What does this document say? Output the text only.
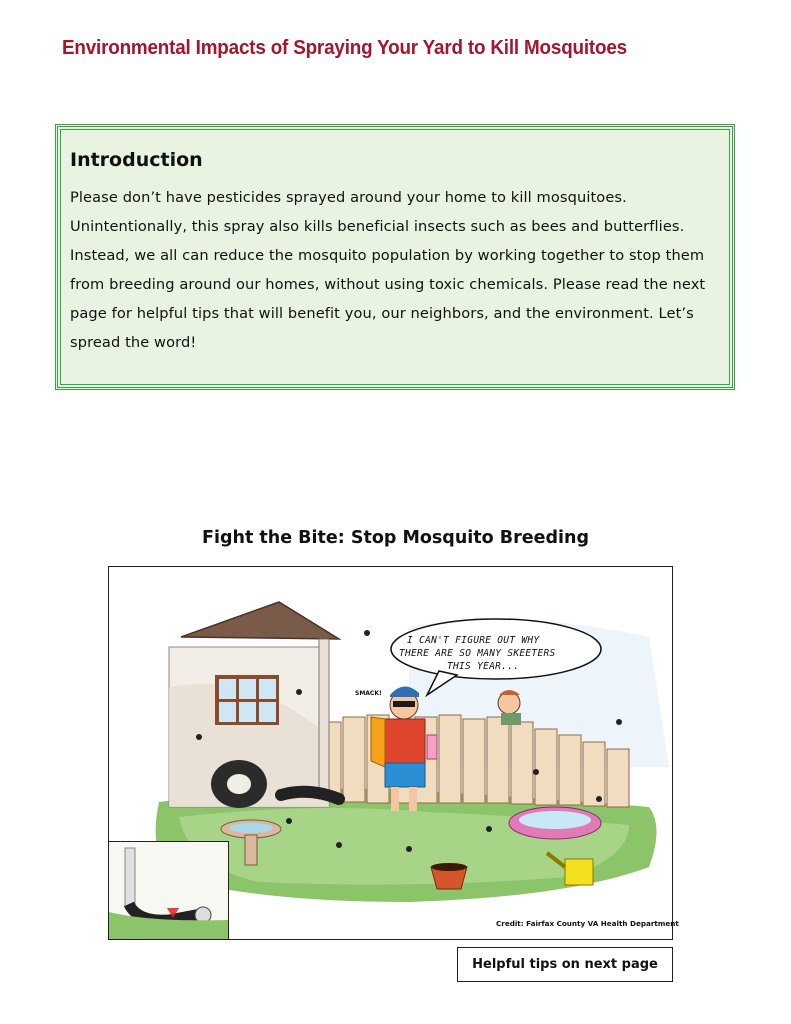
Environmental Impacts of Spraying Your Yard to Kill Mosquitoes
Introduction
Please don’t have pesticides sprayed around your home to kill mosquitoes. Unintentionally, this spray also kills beneficial insects such as bees and butterflies. Instead, we all can reduce the mosquito population by working together to stop them from breeding around our homes, without using toxic chemicals. Please read the next page for helpful tips that will benefit you, our neighbors, and the environment. Let’s spread the word!
Fight the Bite: Stop Mosquito Breeding
SMACK!
I CAN'T FIGURE OUT WHY
THERE ARE SO MANY SKEETERS
THIS YEAR...
Credit: Fairfax County VA Health Department
Helpful tips on next page
